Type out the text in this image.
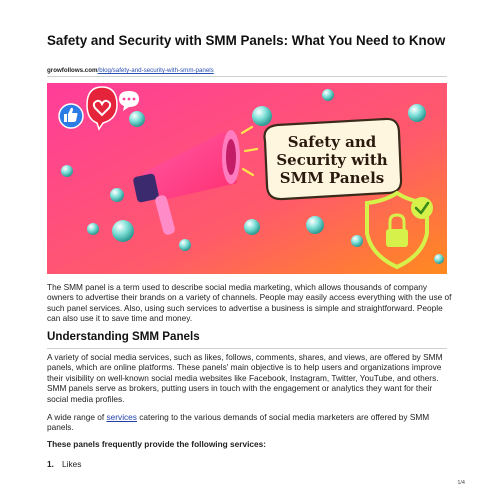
Safety and Security with SMM Panels: What You Need to Know
growfollows.com/blog/safety-and-security-with-smm-panels
Safety and
Security with
SMM Panels
The SMM panel is a term used to describe social media marketing, which allows thousands of company owners to advertise their brands on a variety of channels. People may easily access everything with the use of such panel services. Also, using such services to advertise a business is simple and straightforward. People can also use it to save time and money.
Understanding SMM Panels
A variety of social media services, such as likes, follows, comments, shares, and views, are offered by SMM panels, which are online platforms. These panels' main objective is to help users and organizations improve their visibility on well-known social media websites like Facebook, Instagram, Twitter, YouTube, and others. SMM panels serve as brokers, putting users in touch with the engagement or analytics they want for their social media profiles.
A wide range of services catering to the various demands of social media marketers are offered by SMM panels.
These panels frequently provide the following services:
1. Likes
1/4
